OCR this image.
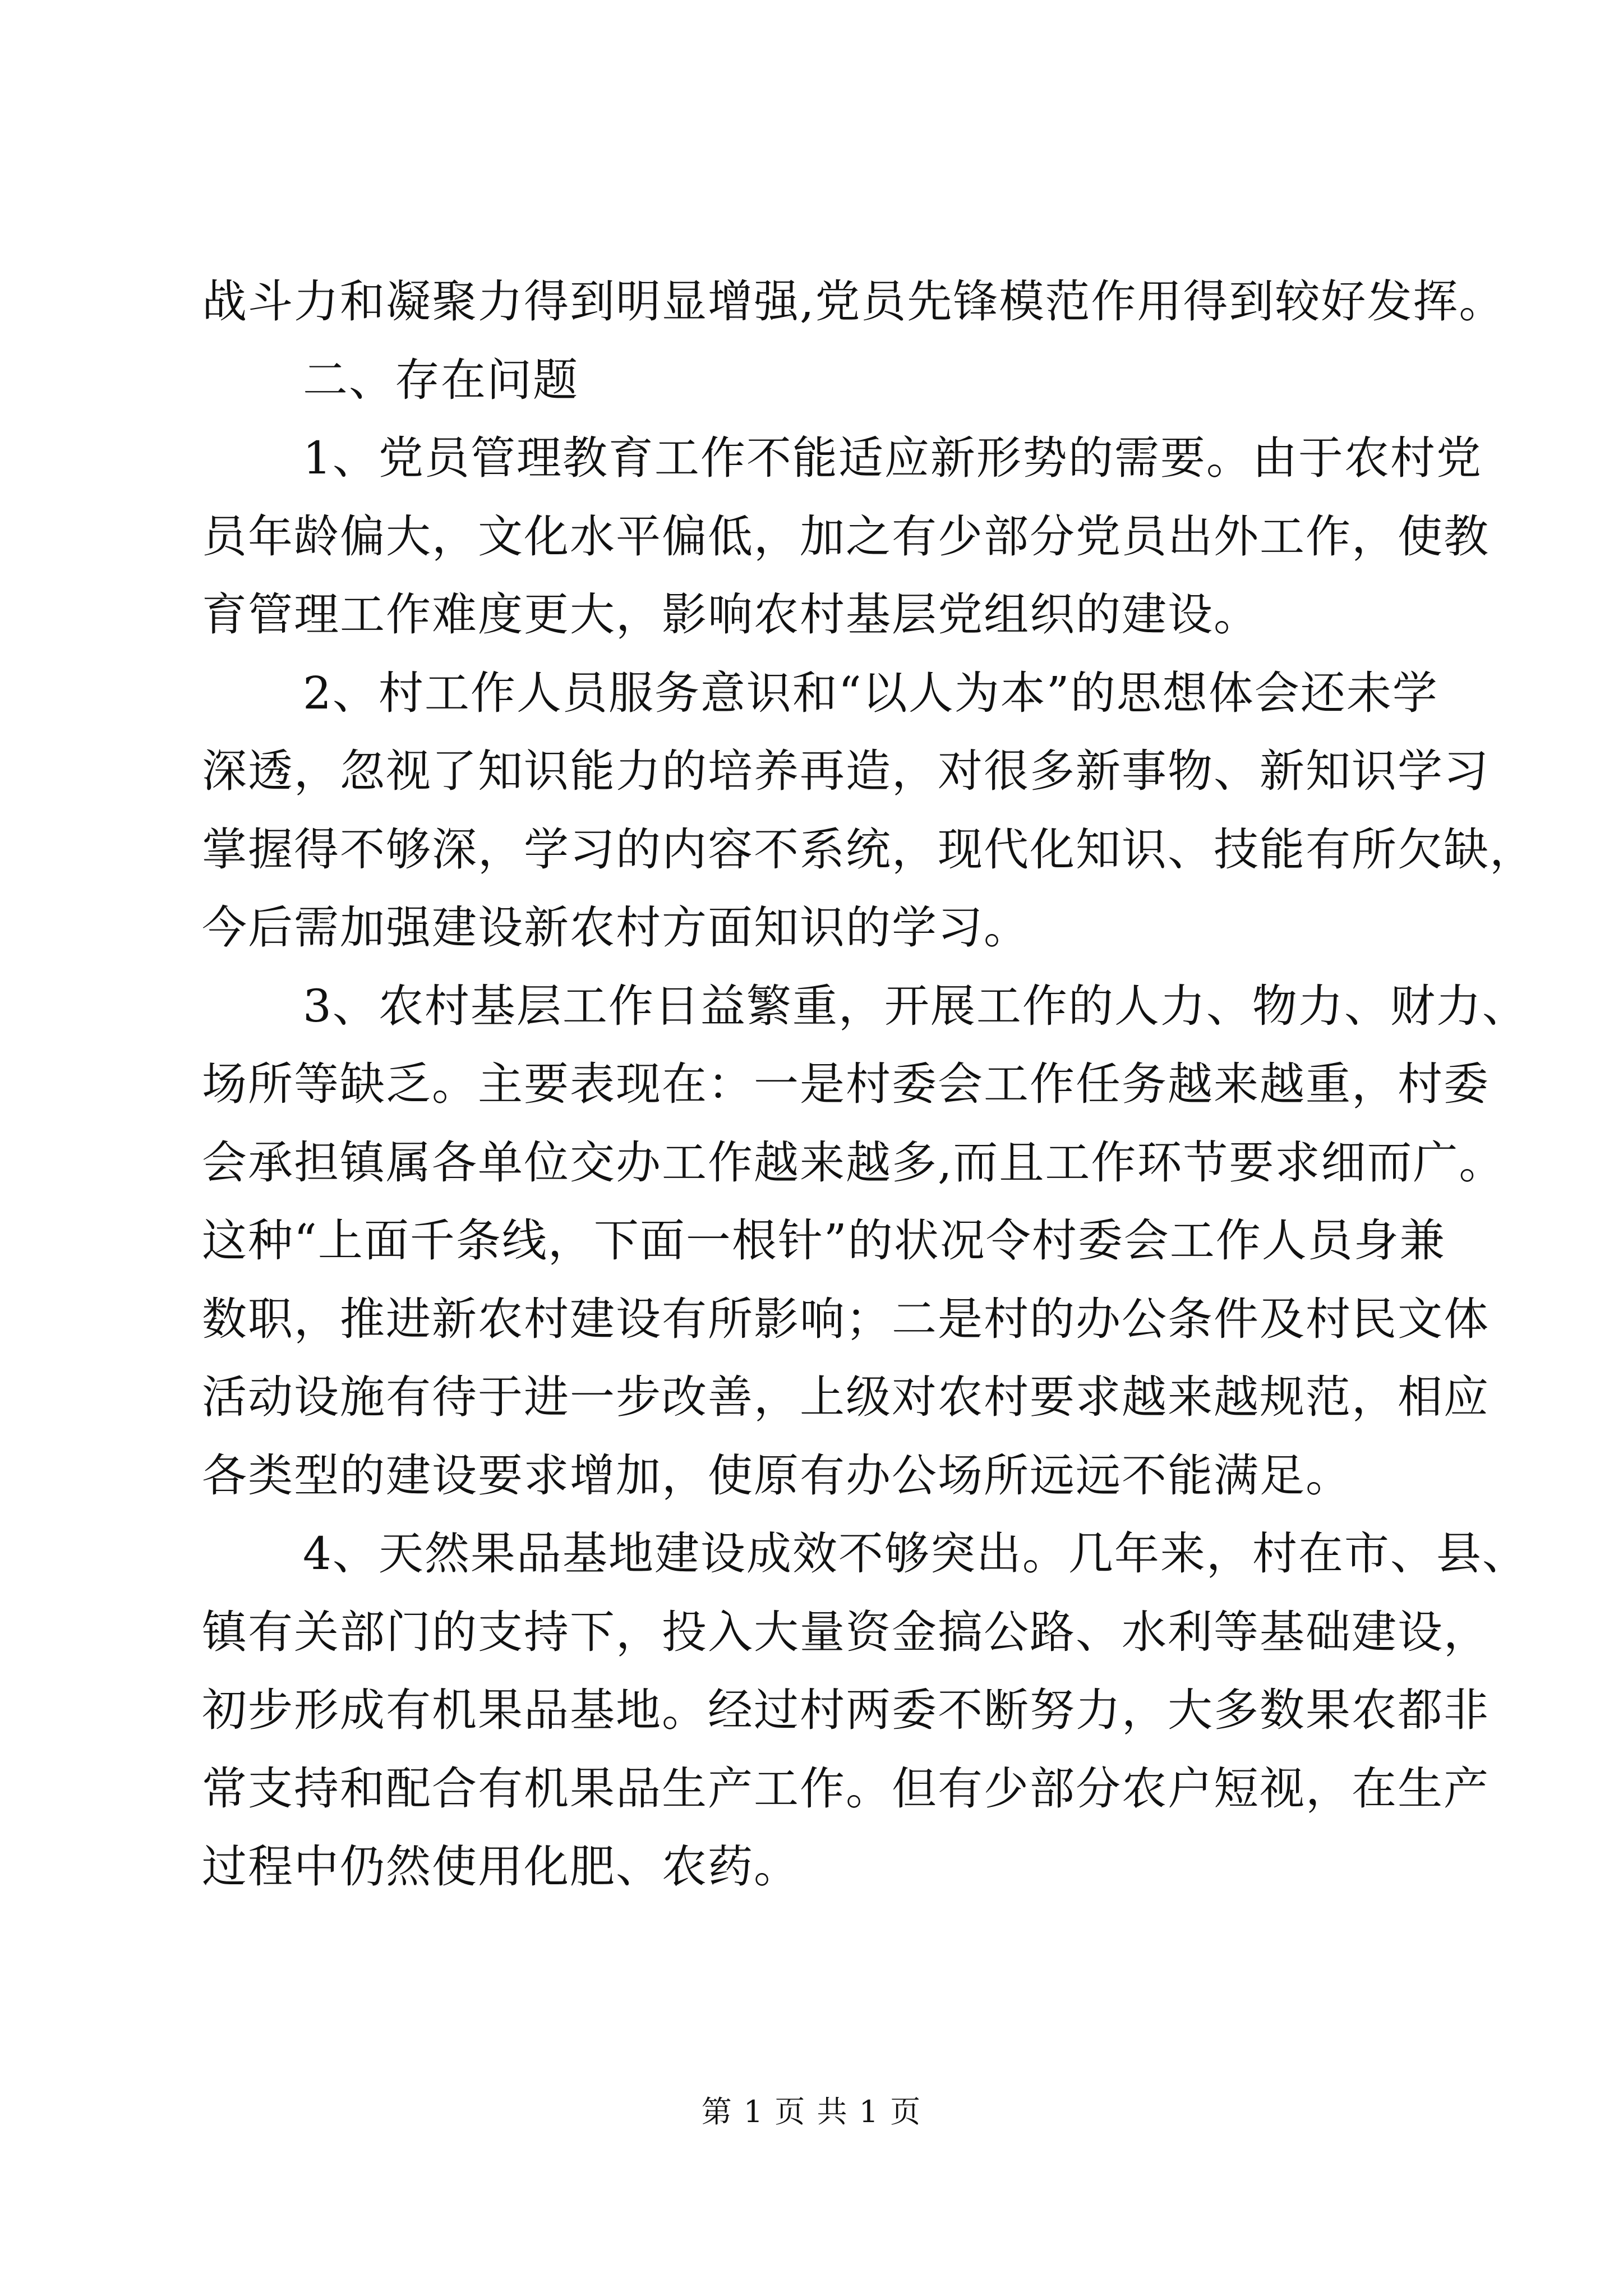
战斗力和凝聚力得到明显增强,党员先锋模范作用得到较好发挥。
二、存在问题
1、党员管理教育工作不能适应新形势的需要。由于农村党
员年龄偏大，文化水平偏低，加之有少部分党员出外工作，使教
育管理工作难度更大，影响农村基层党组织的建设。
2、村工作人员服务意识和“以人为本”的思想体会还未学
深透，忽视了知识能力的培养再造，对很多新事物、新知识学习
掌握得不够深，学习的内容不系统，现代化知识、技能有所欠缺，
今后需加强建设新农村方面知识的学习。
3、农村基层工作日益繁重，开展工作的人力、物力、财力、
场所等缺乏。主要表现在：一是村委会工作任务越来越重，村委
会承担镇属各单位交办工作越来越多,而且工作环节要求细而广。
这种“上面千条线，下面一根针”的状况令村委会工作人员身兼
数职，推进新农村建设有所影响；二是村的办公条件及村民文体
活动设施有待于进一步改善，上级对农村要求越来越规范，相应
各类型的建设要求增加，使原有办公场所远远不能满足。
4、天然果品基地建设成效不够突出。几年来，村在市、县、
镇有关部门的支持下，投入大量资金搞公路、水利等基础建设，
初步形成有机果品基地。经过村两委不断努力，大多数果农都非
常支持和配合有机果品生产工作。但有少部分农户短视，在生产
过程中仍然使用化肥、农药。
第 1 页 共 1 页
